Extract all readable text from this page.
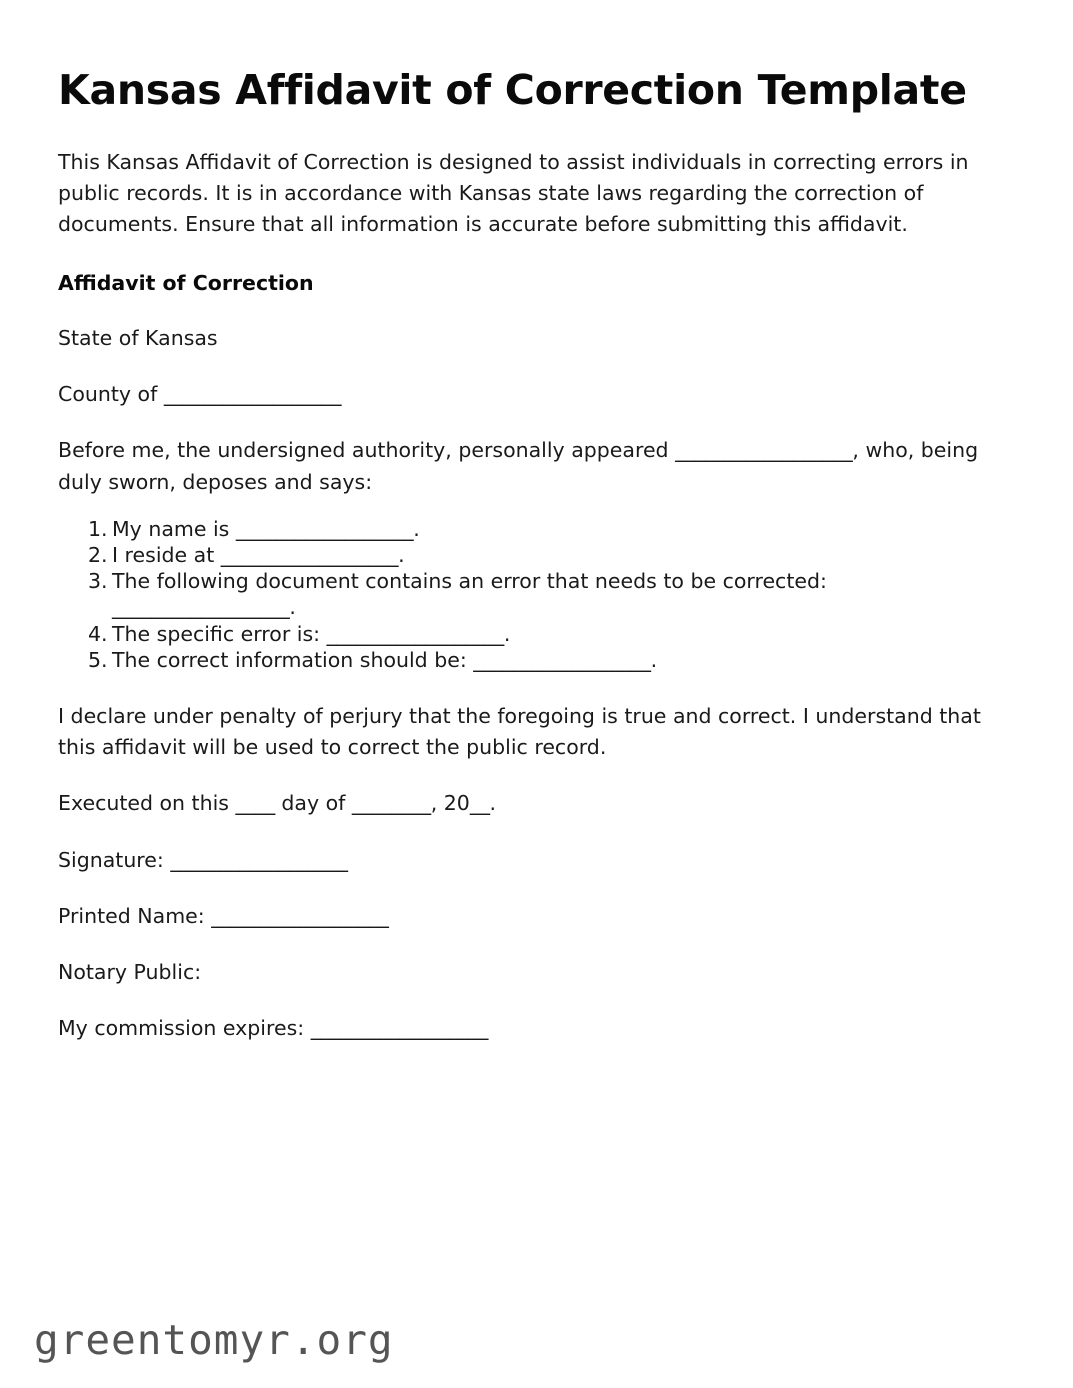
Kansas Affidavit of Correction Template

This Kansas Affidavit of Correction is designed to assist individuals in correcting errors in public records. It is in accordance with Kansas state laws regarding the correction of documents. Ensure that all information is accurate before submitting this affidavit.

Affidavit of Correction

State of Kansas

County of __________________

Before me, the undersigned authority, personally appeared __________________, who, being duly sworn, deposes and says:

My name is __________________.
I reside at __________________.
The following document contains an error that needs to be corrected: __________________.
The specific error is: __________________.
The correct information should be: __________________.

I declare under penalty of perjury that the foregoing is true and correct. I understand that this affidavit will be used to correct the public record.

Executed on this ____ day of ________, 20__.

Signature: __________________

Printed Name: __________________

Notary Public:

My commission expires: __________________

greentomyr.org
